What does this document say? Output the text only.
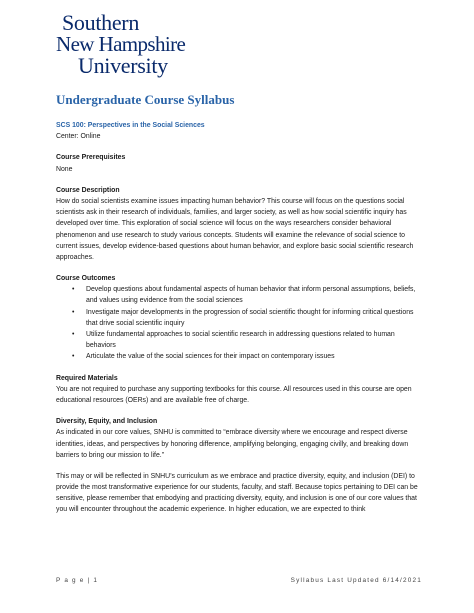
Southern
New Hampshire
University
Undergraduate Course Syllabus

SCS 100: Perspectives in the Social Sciences

Center: Online

Course Prerequisites

None

Course Description

How do social scientists examine issues impacting human behavior? This course will focus on the questions social scientists ask in their research of individuals, families, and larger society, as well as how social scientific inquiry has developed over time. This exploration of social science will focus on the ways researchers consider behavioral phenomenon and use research to study various concepts. Students will examine the relevance of social science to current issues, develop evidence-based questions about human behavior, and explore basic social scientific research approaches.

Course Outcomes

• Develop questions about fundamental aspects of human behavior that inform personal assumptions, beliefs, and values using evidence from the social sciences
• Investigate major developments in the progression of social scientific thought for informing critical questions that drive social scientific inquiry
• Utilize fundamental approaches to social scientific research in addressing questions related to human behaviors
• Articulate the value of the social sciences for their impact on contemporary issues

Required Materials

You are not required to purchase any supporting textbooks for this course. All resources used in this course are open educational resources (OERs) and are available free of charge.

Diversity, Equity, and Inclusion

As indicated in our core values, SNHU is committed to “embrace diversity where we encourage and respect diverse identities, ideas, and perspectives by honoring difference, amplifying belonging, engaging civilly, and breaking down barriers to bring our mission to life.”

This may or will be reflected in SNHU’s curriculum as we embrace and practice diversity, equity, and inclusion (DEI) to provide the most transformative experience for our students, faculty, and staff. Because topics pertaining to DEI can be sensitive, please remember that embodying and practicing diversity, equity, and inclusion is one of our core values that you will encounter throughout the academic experience. In higher education, we are expected to think

P a g e | 1	Syllabus Last Updated 6/14/2021
